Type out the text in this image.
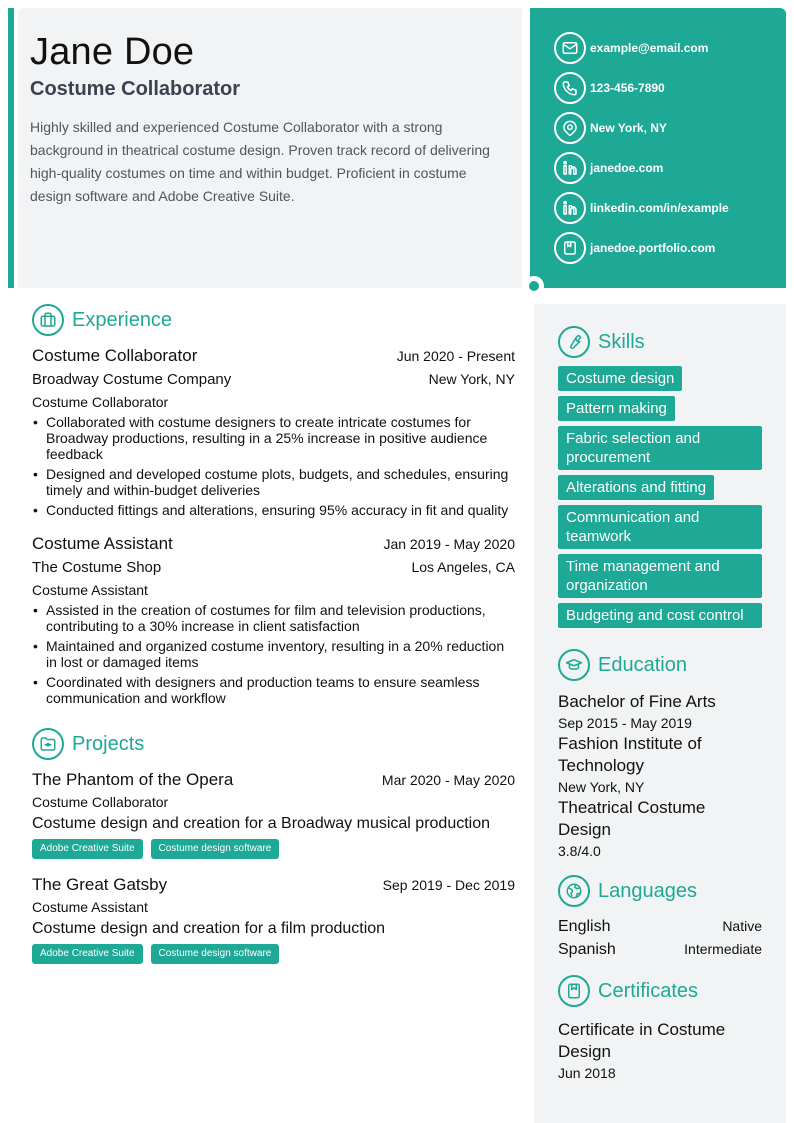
Jane Doe
Costume Collaborator
Highly skilled and experienced Costume Collaborator with a strong background in theatrical costume design. Proven track record of delivering high-quality costumes on time and within budget. Proficient in costume design software and Adobe Creative Suite.
example@email.com
123-456-7890
New York, NY
janedoe.com
linkedin.com/in/example
janedoe.portfolio.com
Experience
Costume Collaborator	Jun 2020 - Present
Broadway Costume Company	New York, NY
Costume Collaborator
• Collaborated with costume designers to create intricate costumes for Broadway productions, resulting in a 25% increase in positive audience feedback
• Designed and developed costume plots, budgets, and schedules, ensuring timely and within-budget deliveries
• Conducted fittings and alterations, ensuring 95% accuracy in fit and quality
Costume Assistant	Jan 2019 - May 2020
The Costume Shop	Los Angeles, CA
Costume Assistant
• Assisted in the creation of costumes for film and television productions, contributing to a 30% increase in client satisfaction
• Maintained and organized costume inventory, resulting in a 20% reduction in lost or damaged items
• Coordinated with designers and production teams to ensure seamless communication and workflow
Projects
The Phantom of the Opera	Mar 2020 - May 2020
Costume Collaborator
Costume design and creation for a Broadway musical production
Adobe Creative Suite	Costume design software
The Great Gatsby	Sep 2019 - Dec 2019
Costume Assistant
Costume design and creation for a film production
Adobe Creative Suite	Costume design software
Skills
Costume design
Pattern making
Fabric selection and procurement
Alterations and fitting
Communication and teamwork
Time management and organization
Budgeting and cost control
Education
Bachelor of Fine Arts
Sep 2015 - May 2019
Fashion Institute of Technology
New York, NY
Theatrical Costume Design
3.8/4.0
Languages
English	Native
Spanish	Intermediate
Certificates
Certificate in Costume Design
Jun 2018
